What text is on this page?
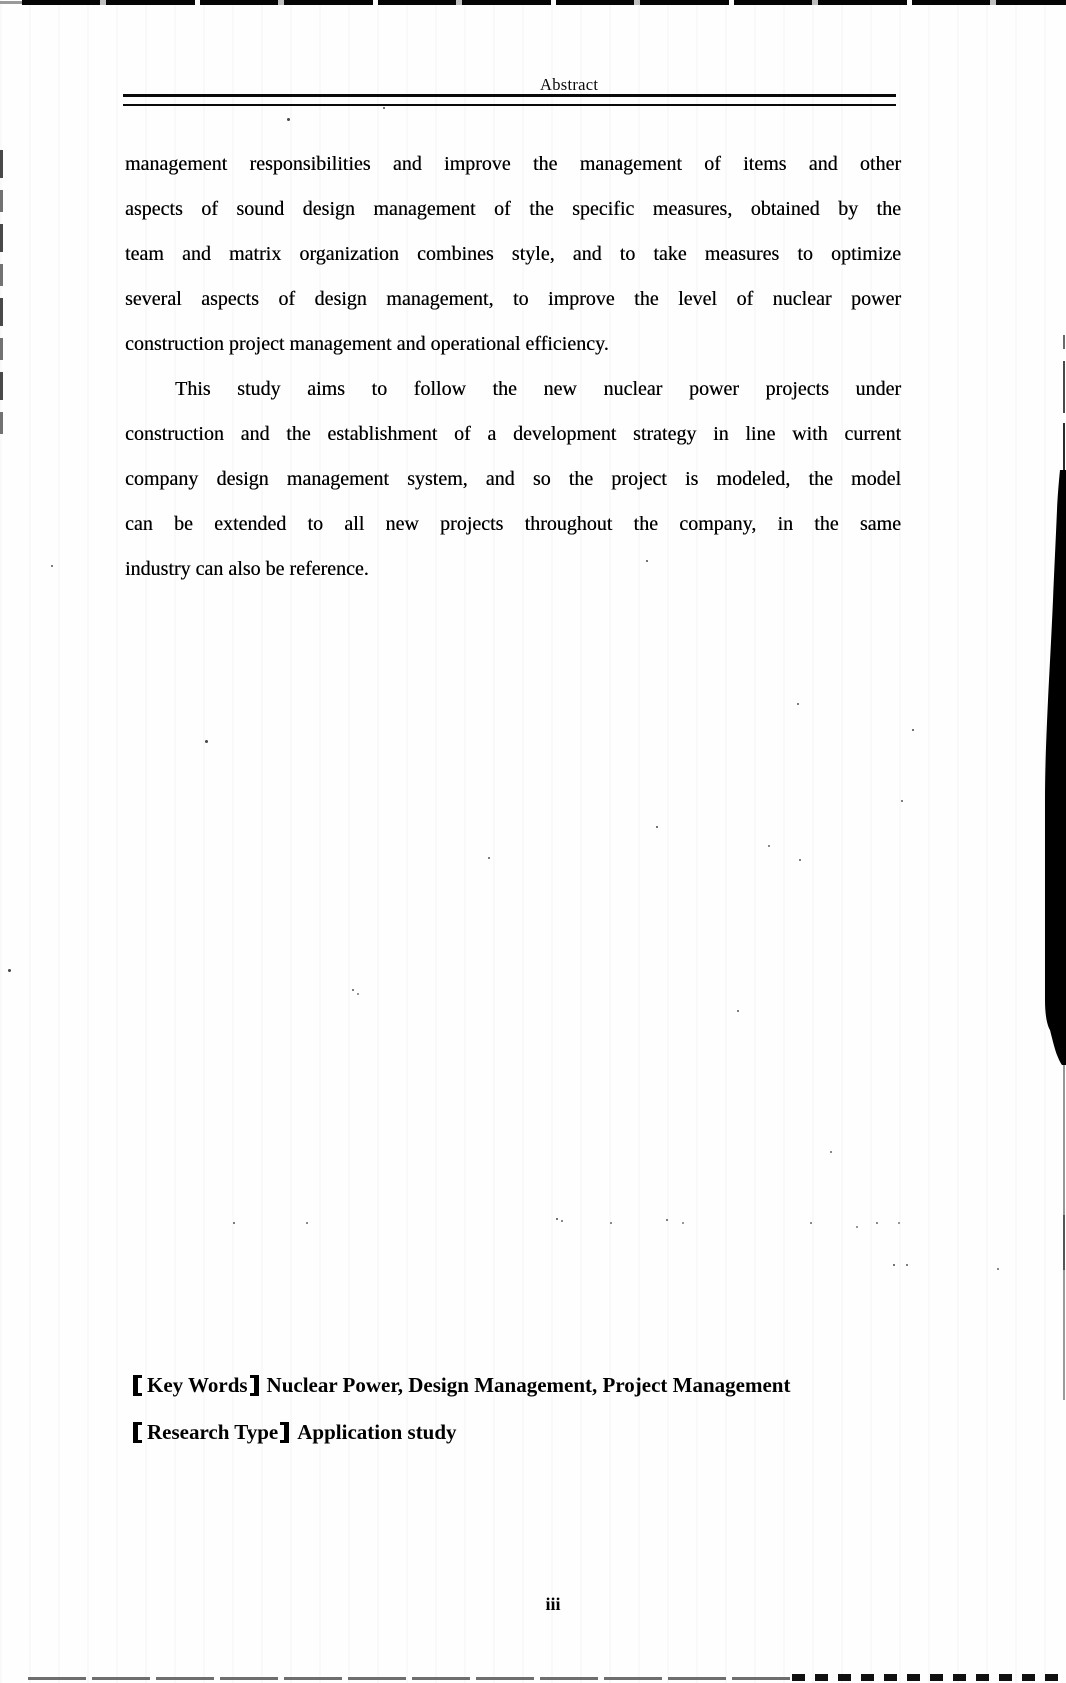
Abstract
management responsibilities and improve the management of items and other
aspects of sound design management of the specific measures, obtained by the
team and matrix organization combines style, and to take measures to optimize
several aspects of design management, to improve the level of nuclear power
construction project management and operational efficiency.
This study aims to follow the new nuclear power projects under
construction and the establishment of a development strategy in line with current
company design management system, and so the project is modeled, the model
can be extended to all new projects throughout the company, in the same
industry can also be reference.
Key Words Nuclear Power, Design Management, Project Management
Research Type Application study
iii
